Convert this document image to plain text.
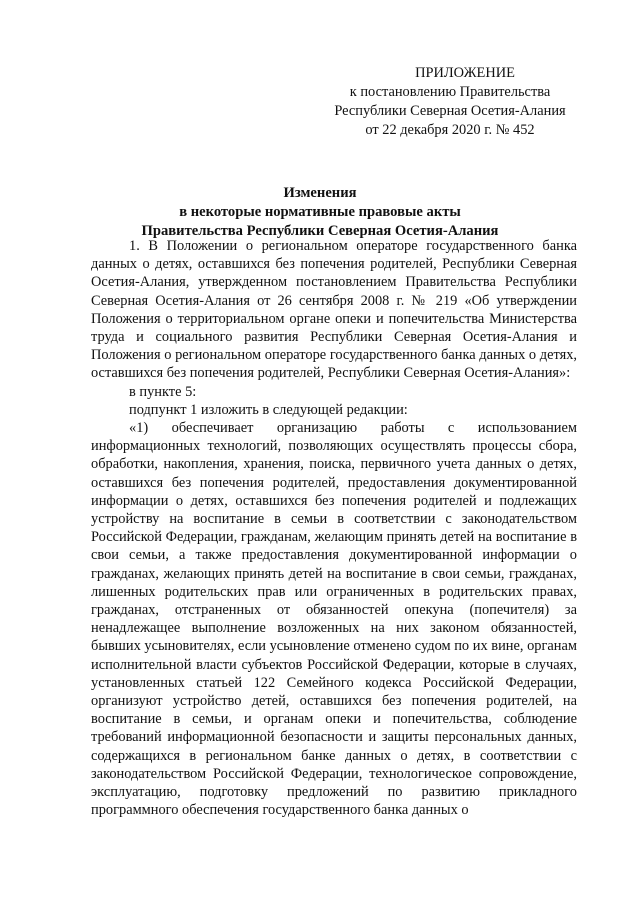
ПРИЛОЖЕНИЕ
к постановлению Правительства
Республики Северная Осетия-Алания
от 22 декабря 2020 г. № 452
Изменения
в некоторые нормативные правовые акты
Правительства Республики Северная Осетия-Алания

1. В Положении о региональном операторе государственного банка данных о детях, оставшихся без попечения родителей, Республики Северная Осетия-Алания, утвержденном постановлением Правительства Республики Северная Осетия-Алания от 26 сентября 2008 г. № 219 «Об утверждении Положения о территориальном органе опеки и попечительства Министерства труда и социального развития Республики Северная Осетия-Алания и Положения о региональном операторе государственного банка данных о детях, оставшихся без попечения родителей, Республики Северная Осетия-Алания»:

в пункте 5:

подпункт 1 изложить в следующей редакции:

«1) обеспечивает организацию работы с использованием информационных технологий, позволяющих осуществлять процессы сбора, обработки, накопления, хранения, поиска, первичного учета данных о детях, оставшихся без попечения родителей, предоставления документированной информации о детях, оставшихся без попечения родителей и подлежащих устройству на воспитание в семьи в соответствии с законодательством Российской Федерации, гражданам, желающим принять детей на воспитание в свои семьи, а также предоставления документированной информации о гражданах, желающих принять детей на воспитание в свои семьи, гражданах, лишенных родительских прав или ограниченных в родительских правах, гражданах, отстраненных от обязанностей опекуна (попечителя) за ненадлежащее выполнение возложенных на них законом обязанностей, бывших усыновителях, если усыновление отменено судом по их вине, органам исполнительной власти субъектов Российской Федерации, которые в случаях, установленных статьей 122 Семейного кодекса Российской Федерации, организуют устройство детей, оставшихся без попечения родителей, на воспитание в семьи, и органам опеки и попечительства, соблюдение требований информационной безопасности и защиты персональных данных, содержащихся в региональном банке данных о детях, в соответствии с законодательством Российской Федерации, технологическое сопровождение, эксплуатацию, подготовку предложений по развитию прикладного программного обеспечения государственного банка данных о
